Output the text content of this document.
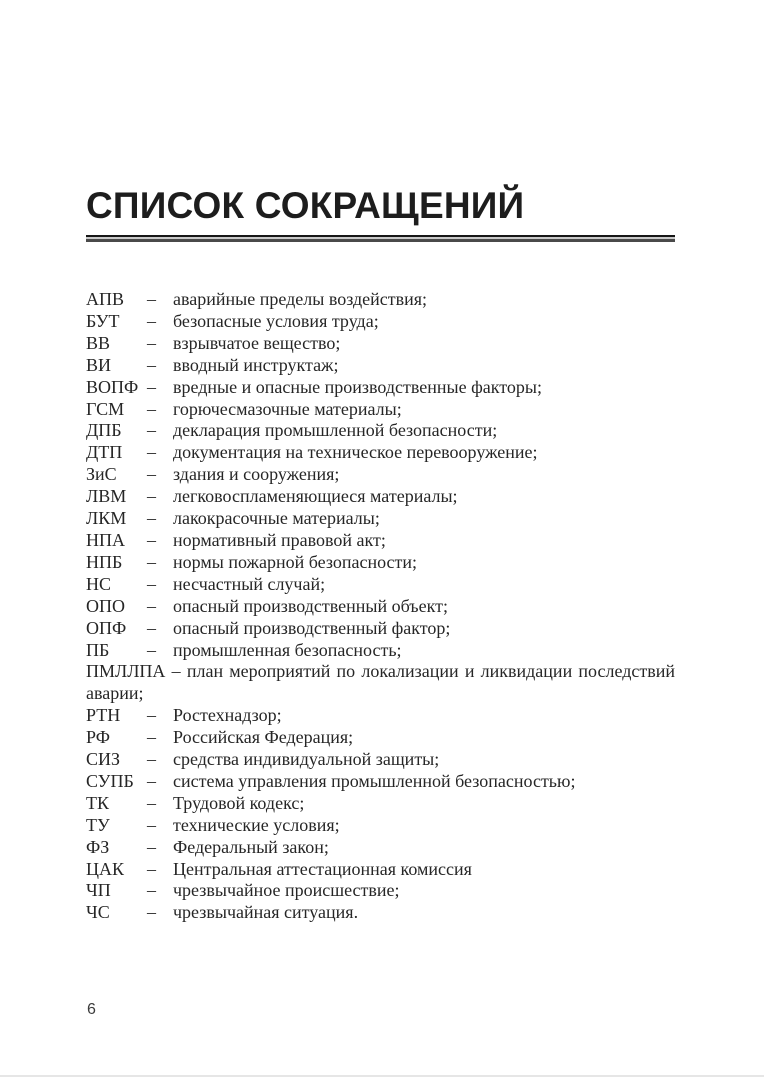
СПИСОК СОКРАЩЕНИЙ
АПВ	– аварийные пределы воздействия;
БУТ	– безопасные условия труда;
ВВ	– взрывчатое вещество;
ВИ	– вводный инструктаж;
ВОПФ – вредные и опасные производственные факторы;
ГСМ	– горючесмазочные материалы;
ДПБ	– декларация промышленной безопасности;
ДТП	– документация на техническое перевооружение;
ЗиС	– здания и сооружения;
ЛВМ	– легковоспламеняющиеся материалы;
ЛКМ	– лакокрасочные материалы;
НПА	– нормативный правовой акт;
НПБ	– нормы пожарной безопасности;
НС	– несчастный случай;
ОПО	– опасный производственный объект;
ОПФ	– опасный производственный фактор;
ПБ	– промышленная безопасность;
ПМЛЛПА – план мероприятий по локализации и ликвидации последствий
аварии;
РТН	– Ростехнадзор;
РФ	– Российская Федерация;
СИЗ	– средства индивидуальной защиты;
СУПБ – система управления промышленной безопасностью;
ТК	– Трудовой кодекс;
ТУ	– технические условия;
ФЗ	– Федеральный закон;
ЦАК	– Центральная аттестационная комиссия
ЧП	– чрезвычайное происшествие;
ЧС	– чрезвычайная ситуация.
6
